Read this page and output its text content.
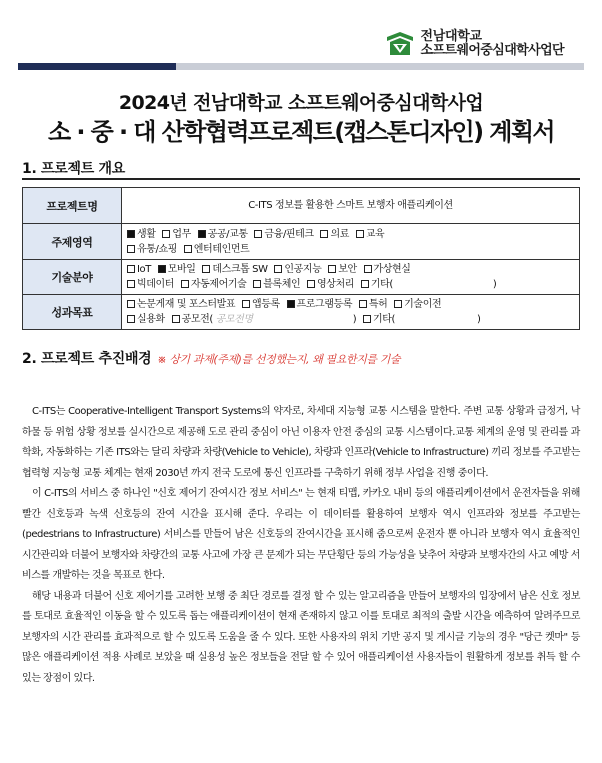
전남대학교
소프트웨어중심대학사업단
2024년 전남대학교 소프트웨어중심대학사업
소 · 중 · 대 산학협력프로젝트(캡스톤디자인) 계획서
1. 프로젝트 개요
프로젝트명	C-ITS 정보를 활용한 스마트 보행자 애플리케이션
주제영역	생활 업무 공공/교통 금융/핀테크 의료 교육
유통/쇼핑 엔터테인먼트
기술분야	IoT 모바일 데스크톱 SW 인공지능 보안 가상현실
빅데이터 자동제어기술 블록체인 영상처리 기타( )
성과목표	논문게재 및 포스터발표 앱등록 프로그램등록 특허 기술이전
실용화 공모전( 공모전명 ) 기타( )
2. 프로젝트 추진배경 ※ 상기 과제(주제)를 선정했는지, 왜 필요한지를 기술

C-ITS는 Cooperative-Intelligent Transport Systems의 약자로, 차세대 지능형 교통 시스템을 말한다. 주변 교통 상황과 급정거, 낙하물 등 위험 상황 정보를 실시간으로 제공해 도로 관리 중심이 아닌 이용자 안전 중심의 교통 시스템이다.교통 체계의 운영 및 관리를 과학화, 자동화하는 기존 ITS와는 달리 차량과 차량(Vehicle to Vehicle), 차량과 인프라(Vehicle to Infrastructure) 끼리 정보를 주고받는 협력형 지능형 교통 체계는 현재 2030년 까지 전국 도로에 통신 인프라를 구축하기 위해 정부 사업을 진행 중이다.

이 C-ITS의 서비스 중 하나인 "신호 제어기 잔여시간 정보 서비스" 는 현재 티맵, 카카오 내비 등의 애플리케이션에서 운전자들을 위해 빨간 신호등과 녹색 신호등의 잔여 시간을 표시해 준다. 우리는 이 데이터를 활용하여 보행자 역시 인프라와 정보를 주고받는(pedestrians to Infrastructure) 서비스를 만들어 남은 신호등의 잔여시간을 표시해 줌으로써 운전자 뿐 아니라 보행자 역시 효율적인 시간관리와 더불어 보행자와 차량간의 교통 사고에 가장 큰 문제가 되는 무단횡단 등의 가능성을 낮추어 차량과 보행자간의 사고 예방 서비스를 개발하는 것을 목표로 한다.

해당 내용과 더불어 신호 제어기를 고려한 보행 중 최단 경로를 결정 할 수 있는 알고리즘을 만들어 보행자의 입장에서 남은 신호 정보를 토대로 효율적인 이동을 할 수 있도록 돕는 애플리케이션이 현재 존재하지 않고 이를 토대로 최적의 출발 시간을 예측하여 알려주므로 보행자의 시간 관리를 효과적으로 할 수 있도록 도움을 줄 수 있다. 또한 사용자의 위치 기반 공지 및 게시글 기능의 경우 "당근 켓마" 등 많은 애플리케이션 적용 사례로 보았을 때 실용성 높은 정보들을 전달 할 수 있어 애플리케이션 사용자들이 원활하게 정보를 취득 할 수 있는 장점이 있다.
